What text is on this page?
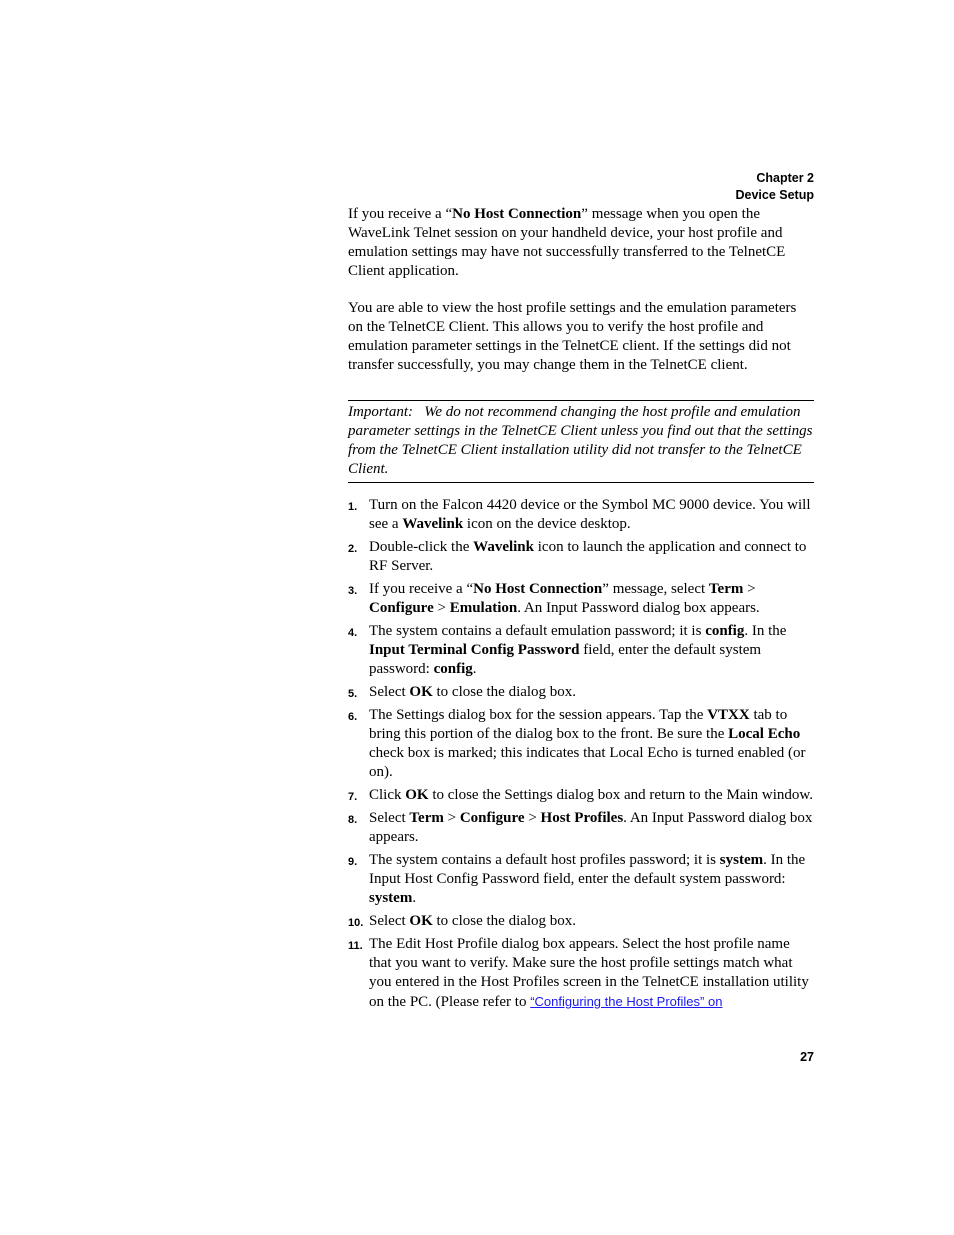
Chapter 2
Device Setup

If you receive a “No Host Connection” message when you open the WaveLink Telnet session on your handheld device, your host profile and emulation settings may have not successfully transferred to the TelnetCE Client application.

You are able to view the host profile settings and the emulation parameters on the TelnetCE Client. This allows you to verify the host profile and emulation parameter settings in the TelnetCE client. If the settings did not transfer successfully, you may change them in the TelnetCE client.

Important: We do not recommend changing the host profile and emulation parameter settings in the TelnetCE Client unless you find out that the settings from the TelnetCE Client installation utility did not transfer to the TelnetCE Client.

1. Turn on the Falcon 4420 device or the Symbol MC 9000 device. You will see a Wavelink icon on the device desktop.
2. Double-click the Wavelink icon to launch the application and connect to RF Server.
3. If you receive a “No Host Connection” message, select Term > Configure > Emulation. An Input Password dialog box appears.
4. The system contains a default emulation password; it is config. In the Input Terminal Config Password field, enter the default system password: config.
5. Select OK to close the dialog box.
6. The Settings dialog box for the session appears. Tap the VTXX tab to bring this portion of the dialog box to the front. Be sure the Local Echo check box is marked; this indicates that Local Echo is turned enabled (or on).
7. Click OK to close the Settings dialog box and return to the Main window.
8. Select Term > Configure > Host Profiles. An Input Password dialog box appears.
9. The system contains a default host profiles password; it is system. In the Input Host Config Password field, enter the default system password: system.
10. Select OK to close the dialog box.
11. The Edit Host Profile dialog box appears. Select the host profile name that you want to verify. Make sure the host profile settings match what you entered in the Host Profiles screen in the TelnetCE installation utility on the PC. (Please refer to “Configuring the Host Profiles” on
27
